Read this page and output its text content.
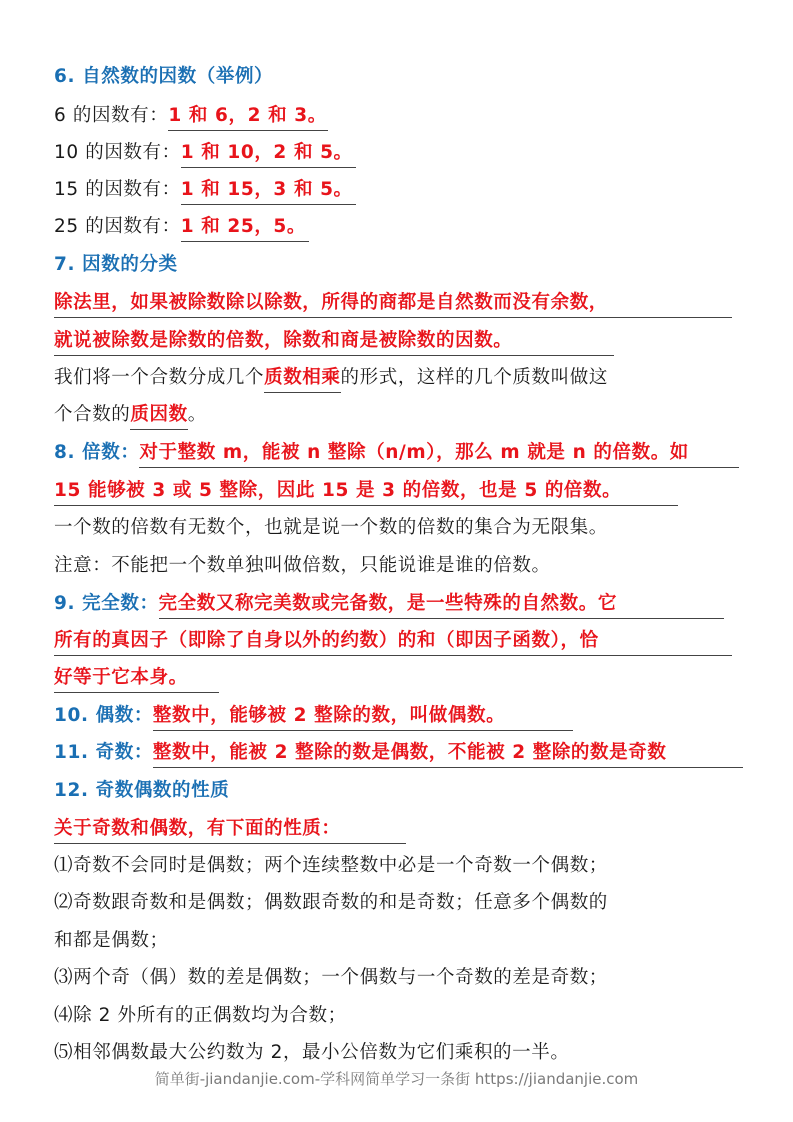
6. 自然数的因数（举例）
6 的因数有：1 和 6，2 和 3。
10 的因数有：1 和 10，2 和 5。
15 的因数有：1 和 15，3 和 5。
25 的因数有：1 和 25，5。
7. 因数的分类
除法里，如果被除数除以除数，所得的商都是自然数而没有余数，
就说被除数是除数的倍数，除数和商是被除数的因数。
我们将一个合数分成几个质数相乘的形式，这样的几个质数叫做这
个合数的质因数。
8. 倍数：对于整数 m，能被 n 整除（n/m），那么 m 就是 n 的倍数。如
15 能够被 3 或 5 整除，因此 15 是 3 的倍数，也是 5 的倍数。
一个数的倍数有无数个，也就是说一个数的倍数的集合为无限集。
注意：不能把一个数单独叫做倍数，只能说谁是谁的倍数。
9. 完全数：完全数又称完美数或完备数，是一些特殊的自然数。它
所有的真因子（即除了自身以外的约数）的和（即因子函数），恰
好等于它本身。
10. 偶数：整数中，能够被 2 整除的数，叫做偶数。
11. 奇数：整数中，能被 2 整除的数是偶数，不能被 2 整除的数是奇数
12. 奇数偶数的性质
关于奇数和偶数，有下面的性质：
⑴奇数不会同时是偶数；两个连续整数中必是一个奇数一个偶数；
⑵奇数跟奇数和是偶数；偶数跟奇数的和是奇数；任意多个偶数的
和都是偶数；
⑶两个奇（偶）数的差是偶数；一个偶数与一个奇数的差是奇数；
⑷除 2 外所有的正偶数均为合数；
⑸相邻偶数最大公约数为 2，最小公倍数为它们乘积的一半。
简单街-jiandanjie.com-学科网简单学习一条街 https://jiandanjie.com
